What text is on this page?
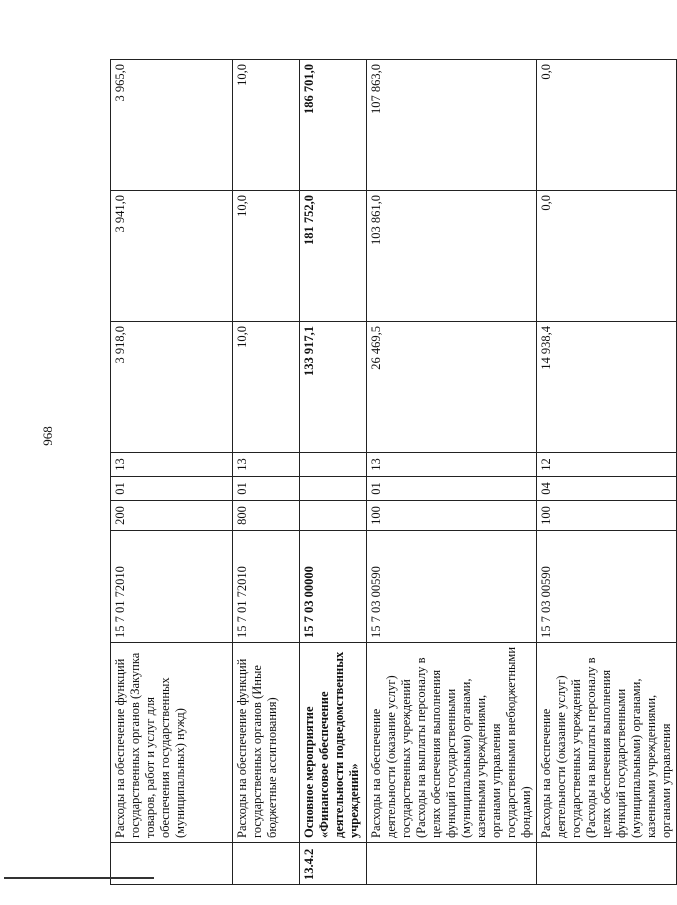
968
	Расходы на обеспечение функций государственных органов (Закупка товаров, работ и услуг для обеспечения государственных (муниципальных) нужд)	15 7 01 72010	200	01	13	3 918,0	3 941,0	3 965,0
	Расходы на обеспечение функций государственных органов (Иные бюджетные ассигнования)	15 7 01 72010	800	01	13	10,0	10,0	10,0
13.4.2	Основное мероприятие «Финансовое обеспечение деятельности подведомственных учреждений»	15 7 03 00000				133 917,1	181 752,0	186 701,0
	Расходы на обеспечение деятельности (оказание услуг) государственных учреждений (Расходы на выплаты персоналу в целях обеспечения выполнения функций государственными (муниципальными) органами, казенными учреждениями, органами управления государственными внебюджетными фондами)	15 7 03 00590	100	01	13	26 469,5	103 861,0	107 863,0
	Расходы на обеспечение деятельности (оказание услуг) государственных учреждений (Расходы на выплаты персоналу в целях обеспечения выполнения функций государственными (муниципальными) органами, казенными учреждениями, органами управления	15 7 03 00590	100	04	12	14 938,4	0,0	0,0
